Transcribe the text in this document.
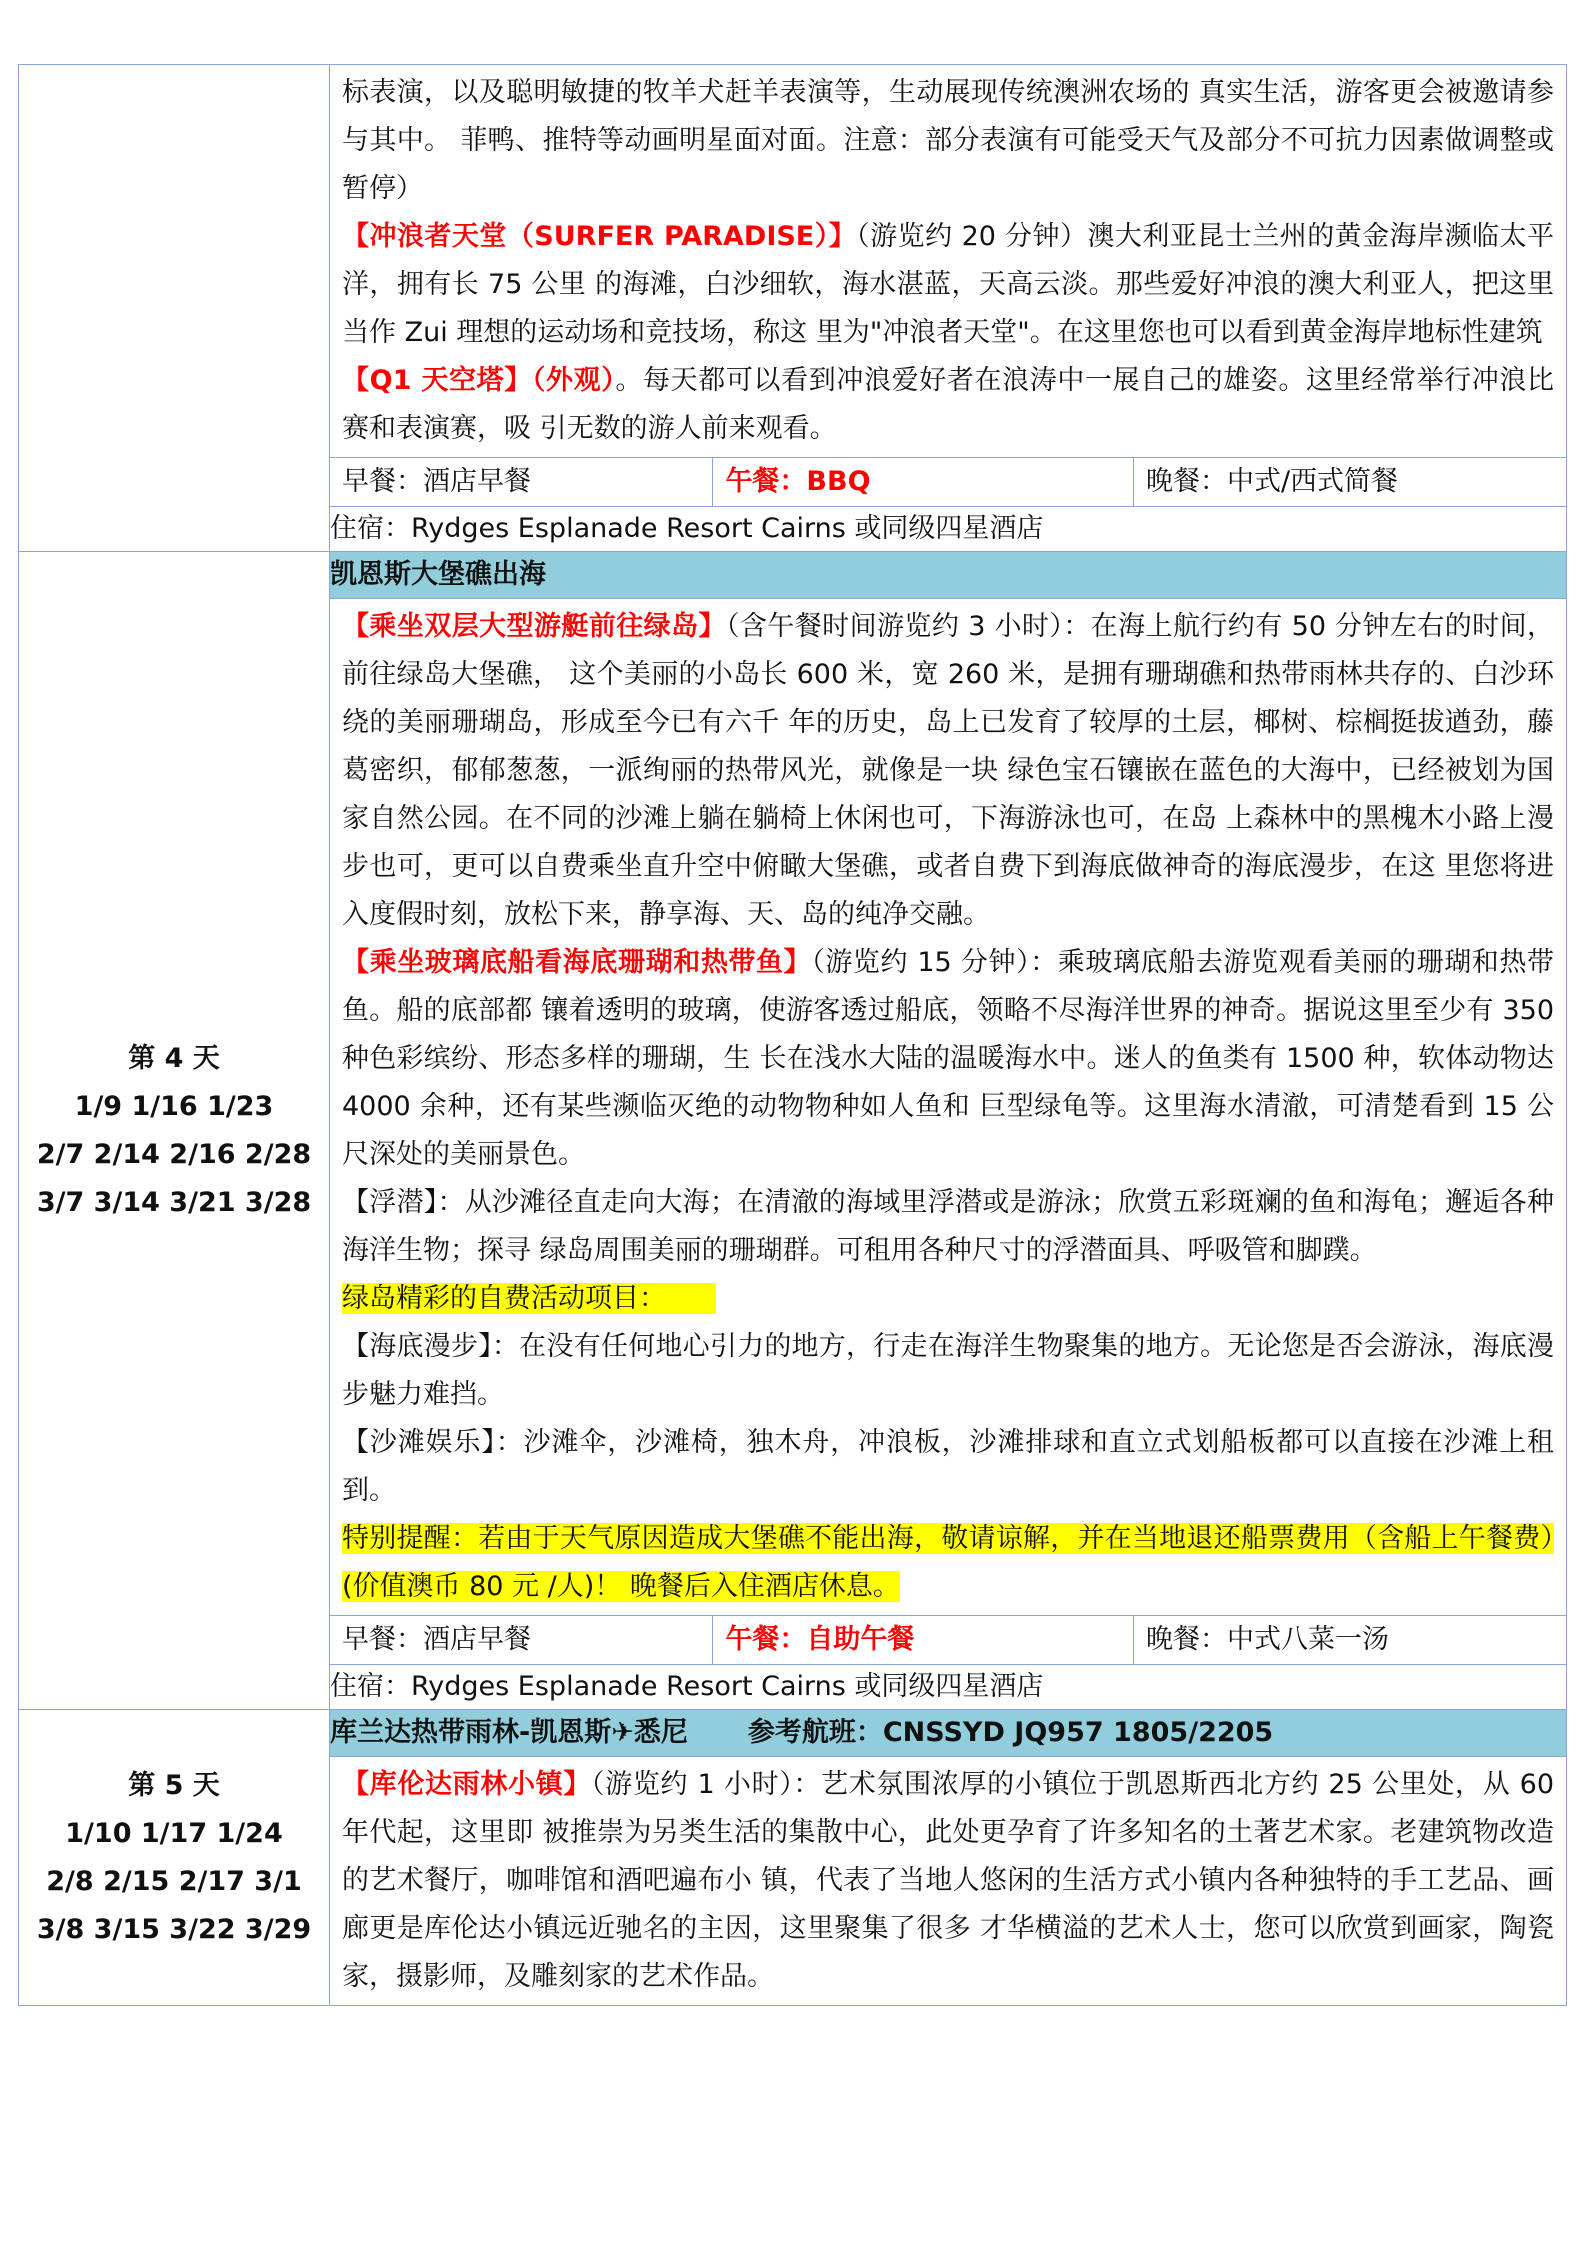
标表演，以及聪明敏捷的牧羊犬赶羊表演等，生动展现传统澳洲农场的 真实生活，游客更会被邀请参与其中。 菲鸭、推特等动画明星面对面。注意：部分表演有可能受天气及部分不可抗力因素做调整或暂停）

【冲浪者天堂（SURFER PARADISE）】（游览约 20 分钟）澳大利亚昆士兰州的黄金海岸濒临太平洋，拥有长 75 公里 的海滩，白沙细软，海水湛蓝，天高云淡。那些爱好冲浪的澳大利亚人，把这里当作 Zui 理想的运动场和竞技场，称这 里为"冲浪者天堂"。在这里您也可以看到黄金海岸地标性建筑

【Q1 天空塔】（外观）。每天都可以看到冲浪爱好者在浪涛中一展自己的雄姿。这里经常举行冲浪比赛和表演赛，吸 引无数的游人前来观看。

早餐：酒店早餐	午餐：BBQ	晚餐：中式/西式简餐

住宿：Rydges Esplanade Resort Cairns 或同级四星酒店

第 4 天
1/9 1/16 1/23
2/7 2/14 2/16 2/28
3/7 3/14 3/21 3/28
	凯恩斯大堡礁出海

【乘坐双层大型游艇前往绿岛】（含午餐时间游览约 3 小时）：在海上航行约有 50 分钟左右的时间，前往绿岛大堡礁， 这个美丽的小岛长 600 米，宽 260 米，是拥有珊瑚礁和热带雨林共存的、白沙环绕的美丽珊瑚岛，形成至今已有六千 年的历史，岛上已发育了较厚的土层，椰树、棕榈挺拔遒劲，藤葛密织，郁郁葱葱，一派绚丽的热带风光，就像是一块 绿色宝石镶嵌在蓝色的大海中，已经被划为国家自然公园。在不同的沙滩上躺在躺椅上休闲也可，下海游泳也可，在岛 上森林中的黑槐木小路上漫步也可，更可以自费乘坐直升空中俯瞰大堡礁，或者自费下到海底做神奇的海底漫步，在这 里您将进入度假时刻，放松下来，静享海、天、岛的纯净交融。

【乘坐玻璃底船看海底珊瑚和热带鱼】（游览约 15 分钟）：乘玻璃底船去游览观看美丽的珊瑚和热带鱼。船的底部都 镶着透明的玻璃，使游客透过船底，领略不尽海洋世界的神奇。据说这里至少有 350 种色彩缤纷、形态多样的珊瑚，生 长在浅水大陆的温暖海水中。迷人的鱼类有 1500 种，软体动物达 4000 余种，还有某些濒临灭绝的动物物种如人鱼和 巨型绿龟等。这里海水清澈，可清楚看到 15 公尺深处的美丽景色。

【浮潜】：从沙滩径直走向大海；在清澈的海域里浮潜或是游泳；欣赏五彩斑斓的鱼和海龟；邂逅各种海洋生物；探寻 绿岛周围美丽的珊瑚群。可租用各种尺寸的浮潜面具、呼吸管和脚蹼。

绿岛精彩的自费活动项目：

【海底漫步】：在没有任何地心引力的地方，行走在海洋生物聚集的地方。无论您是否会游泳，海底漫步魅力难挡。

【沙滩娱乐】：沙滩伞，沙滩椅，独木舟，冲浪板，沙滩排球和直立式划船板都可以直接在沙滩上租到。

特别提醒：若由于天气原因造成大堡礁不能出海，敬请谅解，并在当地退还船票费用（含船上午餐费）(价值澳币 80 元 /人)！ 晚餐后入住酒店休息。

早餐：酒店早餐	午餐：自助午餐	晚餐：中式八菜一汤

住宿：Rydges Esplanade Resort Cairns 或同级四星酒店

第 5 天
1/10 1/17 1/24
2/8 2/15 2/17 3/1
3/8 3/15 3/22 3/29
	库兰达热带雨林-凯恩斯✈悉尼 参考航班：CNSSYD JQ957 1805/2205

【库伦达雨林小镇】（游览约 1 小时）：艺术氛围浓厚的小镇位于凯恩斯西北方约 25 公里处，从 60 年代起，这里即 被推崇为另类生活的集散中心，此处更孕育了许多知名的土著艺术家。老建筑物改造的艺术餐厅，咖啡馆和酒吧遍布小 镇，代表了当地人悠闲的生活方式小镇内各种独特的手工艺品、画廊更是库伦达小镇远近驰名的主因，这里聚集了很多 才华横溢的艺术人士，您可以欣赏到画家，陶瓷家，摄影师，及雕刻家的艺术作品。
